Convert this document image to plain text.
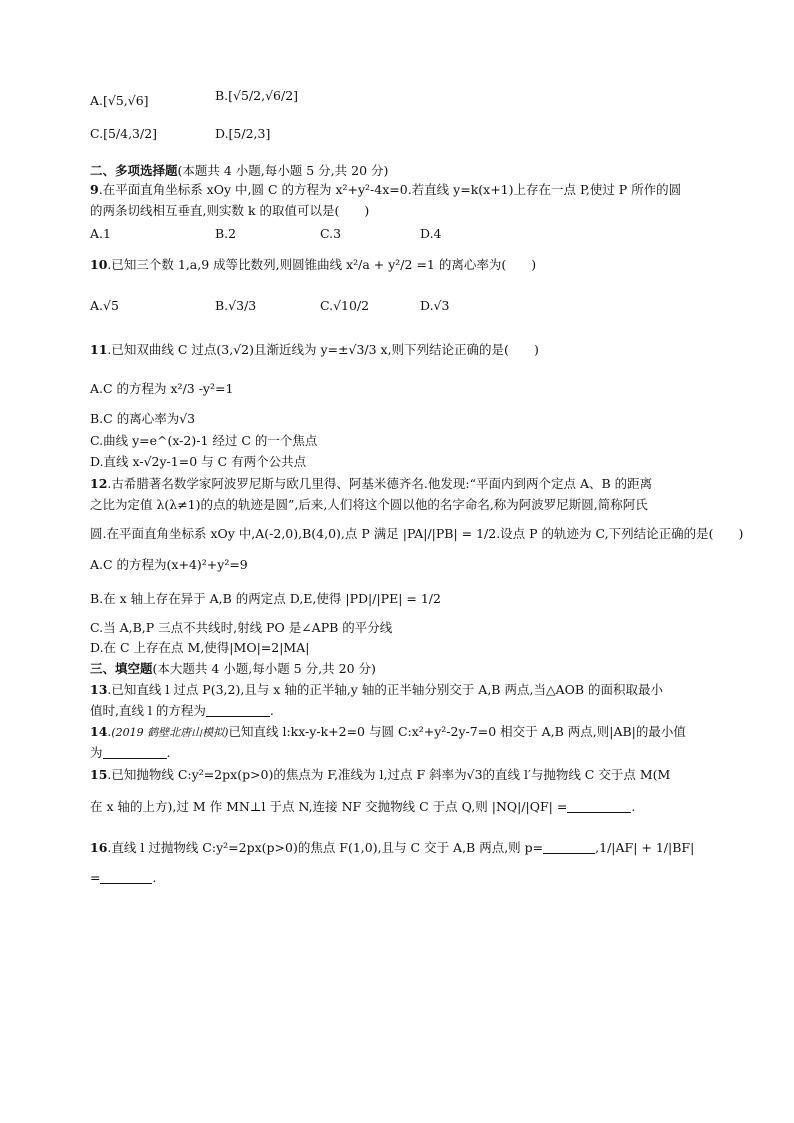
A.[√5,√6]	B.[√5/2,√6/2]
C.[5/4,3/2]	D.[5/2,3]
二、多项选择题(本题共 4 小题,每小题 5 分,共 20 分)
9.在平面直角坐标系 xOy 中,圆 C 的方程为 x²+y²-4x=0.若直线 y=k(x+1)上存在一点 P,使过 P 所作的圆
的两条切线相互垂直,则实数 k 的取值可以是(　　)
A.1	B.2	C.3	D.4
10.已知三个数 1,a,9 成等比数列,则圆锥曲线 x²/a + y²/2 =1 的离心率为(　　)
A.√5	B.√3/3	C.√10/2	D.√3
11.已知双曲线 C 过点(3,√2)且渐近线为 y=±√3/3 x,则下列结论正确的是(　　)
A.C 的方程为 x²/3 -y²=1
B.C 的离心率为√3
C.曲线 y=e^(x-2)-1 经过 C 的一个焦点
D.直线 x-√2y-1=0 与 C 有两个公共点
12.古希腊著名数学家阿波罗尼斯与欧几里得、阿基米德齐名.他发现:“平面内到两个定点 A、B 的距离
之比为定值 λ(λ≠1)的点的轨迹是圆”,后来,人们将这个圆以他的名字命名,称为阿波罗尼斯圆,简称阿氏
圆.在平面直角坐标系 xOy 中,A(-2,0),B(4,0),点 P 满足 |PA|/|PB| = 1/2.设点 P 的轨迹为 C,下列结论正确的是(　　)
A.C 的方程为(x+4)²+y²=9
B.在 x 轴上存在异于 A,B 的两定点 D,E,使得 |PD|/|PE| = 1/2
C.当 A,B,P 三点不共线时,射线 PO 是∠APB 的平分线
D.在 C 上存在点 M,使得|MO|=2|MA|
三、填空题(本大题共 4 小题,每小题 5 分,共 20 分)
13.已知直线 l 过点 P(3,2),且与 x 轴的正半轴,y 轴的正半轴分别交于 A,B 两点,当△AOB 的面积取最小
值时,直线 l 的方程为	.
14.(2019 鹤壁北唐山模拟)已知直线 l:kx-y-k+2=0 与圆 C:x²+y²-2y-7=0 相交于 A,B 两点,则|AB|的最小值
为	.
15.已知抛物线 C:y²=2px(p>0)的焦点为 F,准线为 l,过点 F 斜率为√3的直线 l′与抛物线 C 交于点 M(M
在 x 轴的上方),过 M 作 MN⊥l 于点 N,连接 NF 交抛物线 C 于点 Q,则 |NQ|/|QF| =	.
16.直线 l 过抛物线 C:y²=2px(p>0)的焦点 F(1,0),且与 C 交于 A,B 两点,则 p=	,1/|AF| + 1/|BF|
=	.
